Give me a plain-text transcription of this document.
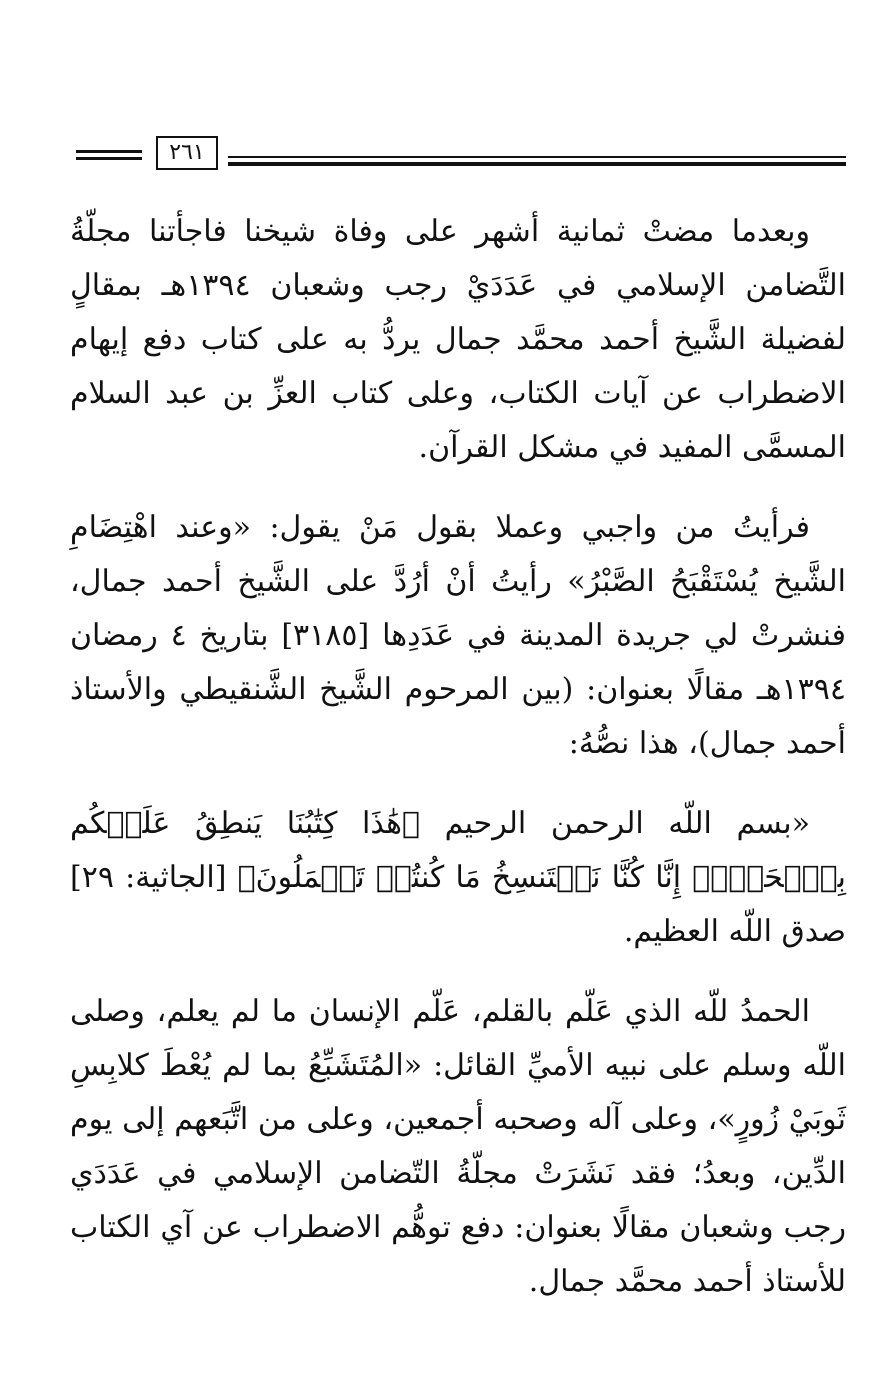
٢٦١

وبعدما مضتْ ثمانية أشهر على وفاة شيخنا فاجأتنا مجلّةُ التَّضامن الإسلامي في عَدَدَيْ رجب وشعبان ١٣٩٤هـ بمقالٍ لفضيلة الشَّيخ أحمد محمَّد جمال يردُّ به على كتاب دفع إيهام الاضطراب عن آيات الكتاب، وعلى كتاب العزِّ بن عبد السلام المسمَّى المفيد في مشكل القرآن.

فرأيتُ من واجبي وعملا بقول مَنْ يقول: «وعند اهْتِضَامِ الشَّيخ يُسْتَقْبَحُ الصَّبْرُ» رأيتُ أنْ أرُدَّ على الشَّيخ أحمد جمال، فنشرتْ لي جريدة المدينة في عَدَدِها [٣١٨٥] بتاريخ ٤ رمضان ١٣٩٤هـ مقالًا بعنوان: (بين المرحوم الشَّيخ الشَّنقيطي والأستاذ أحمد جمال)، هذا نصُّهُ:

«بسم اللّه الرحمن الرحيم ﴿هَٰذَا كِتَٰبُنَا يَنطِقُ عَلَيۡكُم بِٱلۡحَقِّۚ إِنَّا كُنَّا نَسۡتَنسِخُ مَا كُنتُمۡ تَعۡمَلُونَ﴾ [الجاثية: ٢٩] صدق اللّه العظيم.

الحمدُ للّه الذي عَلّم بالقلم، عَلّم الإنسان ما لم يعلم، وصلى اللّه وسلم على نبيه الأميِّ القائل: «المُتَشَبِّعُ بما لم يُعْطَ كلابِسِ ثَوبَيْ زُورٍ»، وعلى آله وصحبه أجمعين، وعلى من اتَّبَعهم إلى يوم الدِّين، وبعدُ؛ فقد نَشَرَتْ مجلّةُ التّضامن الإسلامي في عَدَدَي رجب وشعبان مقالًا بعنوان: دفع توهُّم الاضطراب عن آي الكتاب للأستاذ أحمد محمَّد جمال.
